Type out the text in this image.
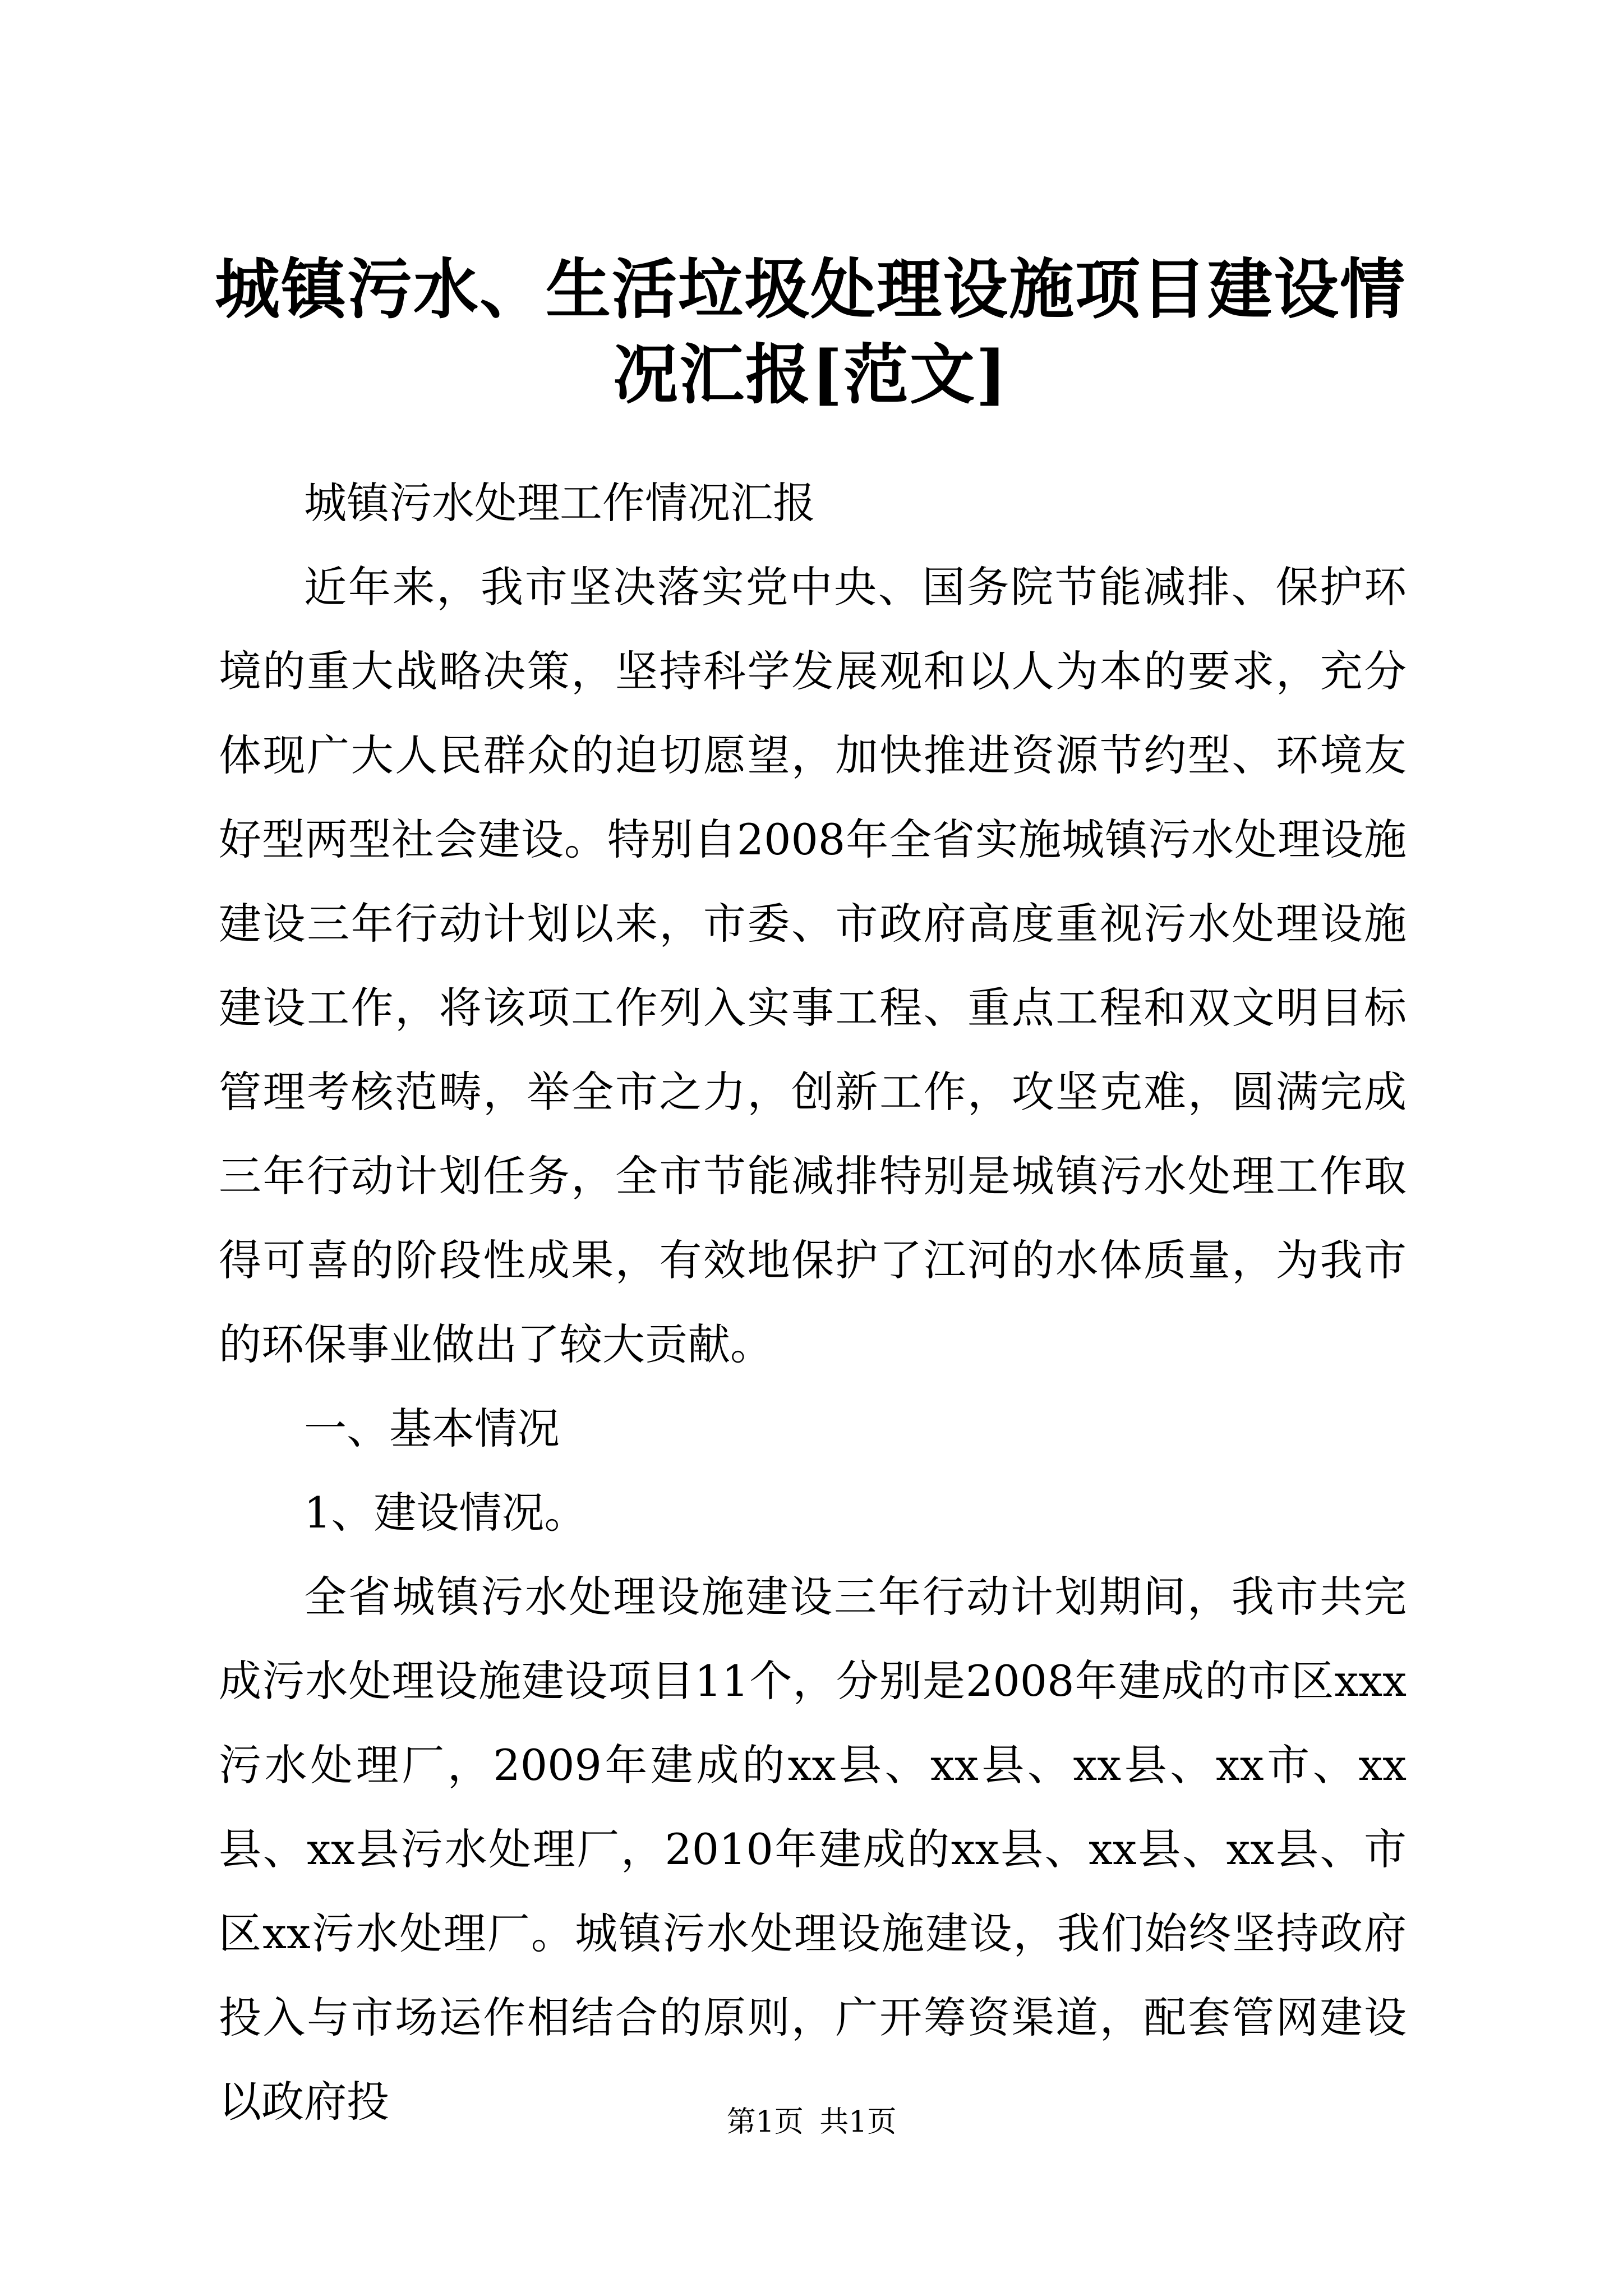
城镇污水、生活垃圾处理设施项目建设情况汇报[范文]

城镇污水处理工作情况汇报

近年来，我市坚决落实党中央、国务院节能减排、保护环境的重大战略决策，坚持科学发展观和以人为本的要求，充分体现广大人民群众的迫切愿望，加快推进资源节约型、环境友好型两型社会建设。特别自2008年全省实施城镇污水处理设施建设三年行动计划以来，市委、市政府高度重视污水处理设施建设工作，将该项工作列入实事工程、重点工程和双文明目标管理考核范畴，举全市之力，创新工作，攻坚克难，圆满完成三年行动计划任务，全市节能减排特别是城镇污水处理工作取得可喜的阶段性成果，有效地保护了江河的水体质量，为我市的环保事业做出了较大贡献。

一、基本情况

1、建设情况。

全省城镇污水处理设施建设三年行动计划期间，我市共完成污水处理设施建设项目11个，分别是2008年建成的市区xxx污水处理厂，2009年建成的xx县、xx县、xx县、xx市、xx县、xx县污水处理厂，2010年建成的xx县、xx县、xx县、市区xx污水处理厂。城镇污水处理设施建设，我们始终坚持政府投入与市场运作相结合的原则，广开筹资渠道，配套管网建设以政府投	第1页 共1页
